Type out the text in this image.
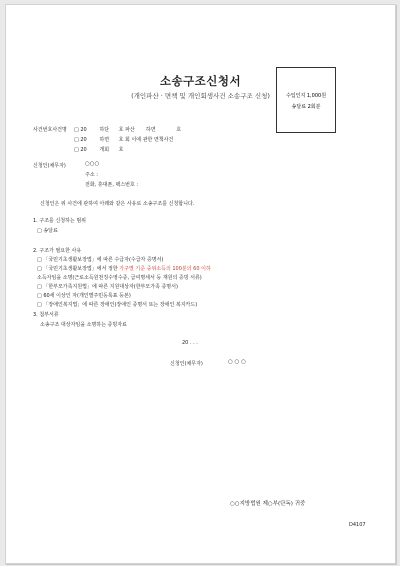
소송구조신청서
(개인파산 · 면책 및 개인회생사건 소송구조 신청)	수입인지 1,000원
송달료 2회분
사건번호사건명 □ 20	하단 호 파산 하면	호
□ 20	하면 호 회 이에 관한 면책사건
□ 20	개회 호
신청인(채무자)	○○○
주소 :
전화, 휴대폰, 팩스번호 :
신청인은 위 사건에 관하여 아래와 같은 사유로 소송구조를 신청합니다.
1. 구조를 신청하는 범위
□ 송달료
2. 구조가 필요한 사유
□ 「국민기초생활보장법」에 따른 수급자(수급자 증명서)
□ 「국민기초생활보장법」에서 정한 가구별 기준 중위소득의 100분의 60 이하
소득자임을 소명(근로소득원천징수영수증, 급여명세서 등 재원의 증빙 서류)
□ 「한부모가족지원법」에 따른 지원대상자(한부모가족 증명서)
□ 60세 이상인 자(개인별주민등록표 등본)
□ 「장애인복지법」에 따른 장애인(장애인 증명서 또는 장애인 복지카드)
3. 첨부서류
소송구조 대상자임을 소명하는 증빙자료
20 . . .
신청인(채무자)	○ ○ ○
○○지방법원 제○부(단독) 귀중
D4107
